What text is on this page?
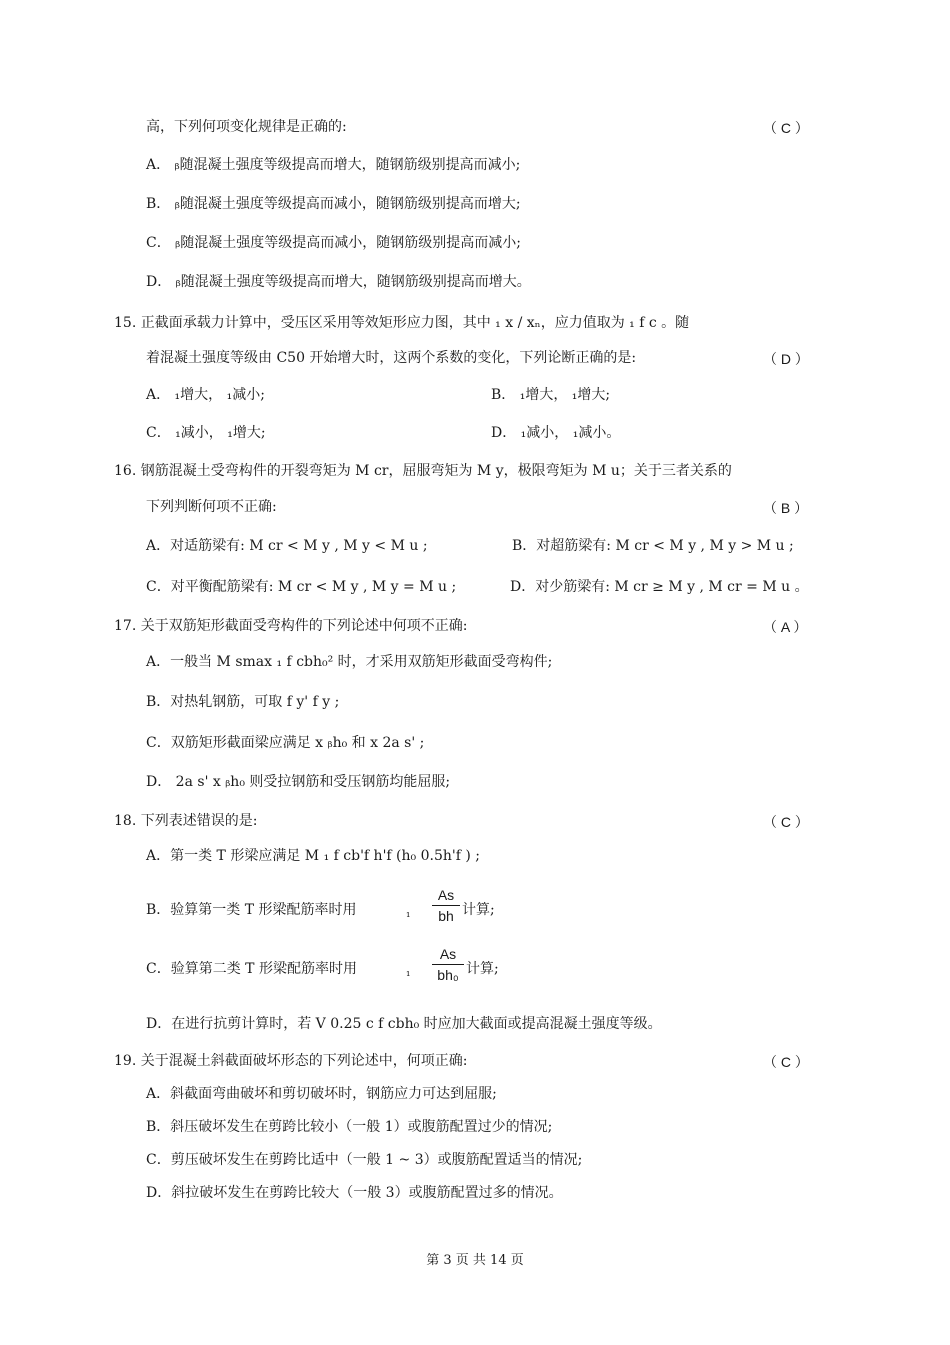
高，下列何项变化规律是正确的:	（ C ）
A． ᵦ随混凝土强度等级提高而增大，随钢筋级别提高而减小;
B． ᵦ随混凝土强度等级提高而减小，随钢筋级别提高而增大;
C． ᵦ随混凝土强度等级提高而减小，随钢筋级别提高而减小;
D． ᵦ随混凝土强度等级提高而增大，随钢筋级别提高而增大。
15. 正截面承载力计算中，受压区采用等效矩形应力图，其中 ₁ x / xₙ，应力值取为 ₁ f c 。随
着混凝土强度等级由 C50 开始增大时，这两个系数的变化，下列论断正确的是:	（ D ）
A． ₁增大， ₁减小;	B． ₁增大， ₁增大;
C． ₁减小， ₁增大;	D． ₁减小， ₁减小。
16. 钢筋混凝土受弯构件的开裂弯矩为 M cr，屈服弯矩为 M y，极限弯矩为 M u；关于三者关系的
下列判断何项不正确:	（ B ）
A．对适筋梁有: M cr < M y , M y < M u ;	B．对超筋梁有: M cr < M y , M y > M u ;
C．对平衡配筋梁有: M cr < M y , M y = M u ;	D．对少筋梁有: M cr ≥ M y , M cr = M u 。
17. 关于双筋矩形截面受弯构件的下列论述中何项不正确:	（ A ）
A．一般当 M smax ₁ f cbh₀² 时，才采用双筋矩形截面受弯构件;
B．对热轧钢筋，可取 f y' f y ;
C．双筋矩形截面梁应满足 x ᵦh₀ 和 x 2a s' ;
D． 2a s' x ᵦh₀ 则受拉钢筋和受压钢筋均能屈服;
18. 下列表述错误的是:	（ C ）
A．第一类 T 形梁应满足 M ₁ f cb'f h'f (h₀ 0.5h'f ) ;
B．验算第一类 T 形梁配筋率时用	$_1 \frac{As}{bh}$ 计算;
C．验算第二类 T 形梁配筋率时用	$_1 \frac{As}{\text{bh₀}}$ 计算;
D．在进行抗剪计算时，若 V 0.25 c f cbh₀ 时应加大截面或提高混凝土强度等级。
19. 关于混凝土斜截面破坏形态的下列论述中，何项正确:	（ C ）
A．斜截面弯曲破坏和剪切破坏时，钢筋应力可达到屈服;
B．斜压破坏发生在剪跨比较小（一般 1）或腹筋配置过少的情况;
C．剪压破坏发生在剪跨比适中（一般 1 ~ 3）或腹筋配置适当的情况;
D．斜拉破坏发生在剪跨比较大（一般 3）或腹筋配置过多的情况。
第 3 页 共 14 页
